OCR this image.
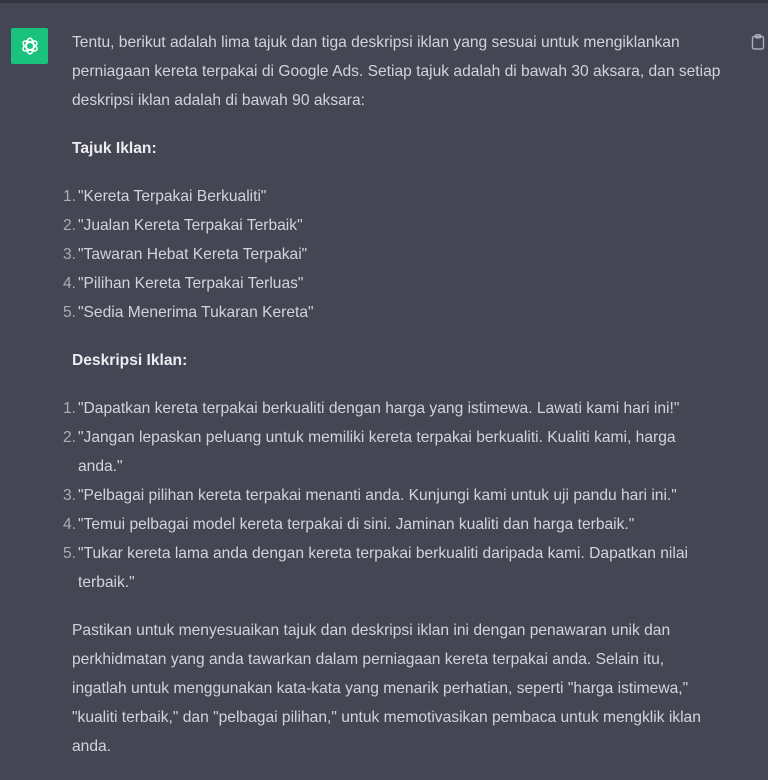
Tentu, berikut adalah lima tajuk dan tiga deskripsi iklan yang sesuai untuk mengiklankan perniagaan kereta terpakai di Google Ads. Setiap tajuk adalah di bawah 30 aksara, dan setiap deskripsi iklan adalah di bawah 90 aksara:

Tajuk Iklan:
1. "Kereta Terpakai Berkualiti"
2. "Jualan Kereta Terpakai Terbaik"
3. "Tawaran Hebat Kereta Terpakai"
4. "Pilihan Kereta Terpakai Terluas"
5. "Sedia Menerima Tukaran Kereta"
Deskripsi Iklan:
1. "Dapatkan kereta terpakai berkualiti dengan harga yang istimewa. Lawati kami hari ini!"
2. "Jangan lepaskan peluang untuk memiliki kereta terpakai berkualiti. Kualiti kami, harga anda."
3. "Pelbagai pilihan kereta terpakai menanti anda. Kunjungi kami untuk uji pandu hari ini."
4. "Temui pelbagai model kereta terpakai di sini. Jaminan kualiti dan harga terbaik."
5. "Tukar kereta lama anda dengan kereta terpakai berkualiti daripada kami. Dapatkan nilai terbaik."

Pastikan untuk menyesuaikan tajuk dan deskripsi iklan ini dengan penawaran unik dan perkhidmatan yang anda tawarkan dalam perniagaan kereta terpakai anda. Selain itu, ingatlah untuk menggunakan kata-kata yang menarik perhatian, seperti "harga istimewa," "kualiti terbaik," dan "pelbagai pilihan," untuk memotivasikan pembaca untuk mengklik iklan anda.
